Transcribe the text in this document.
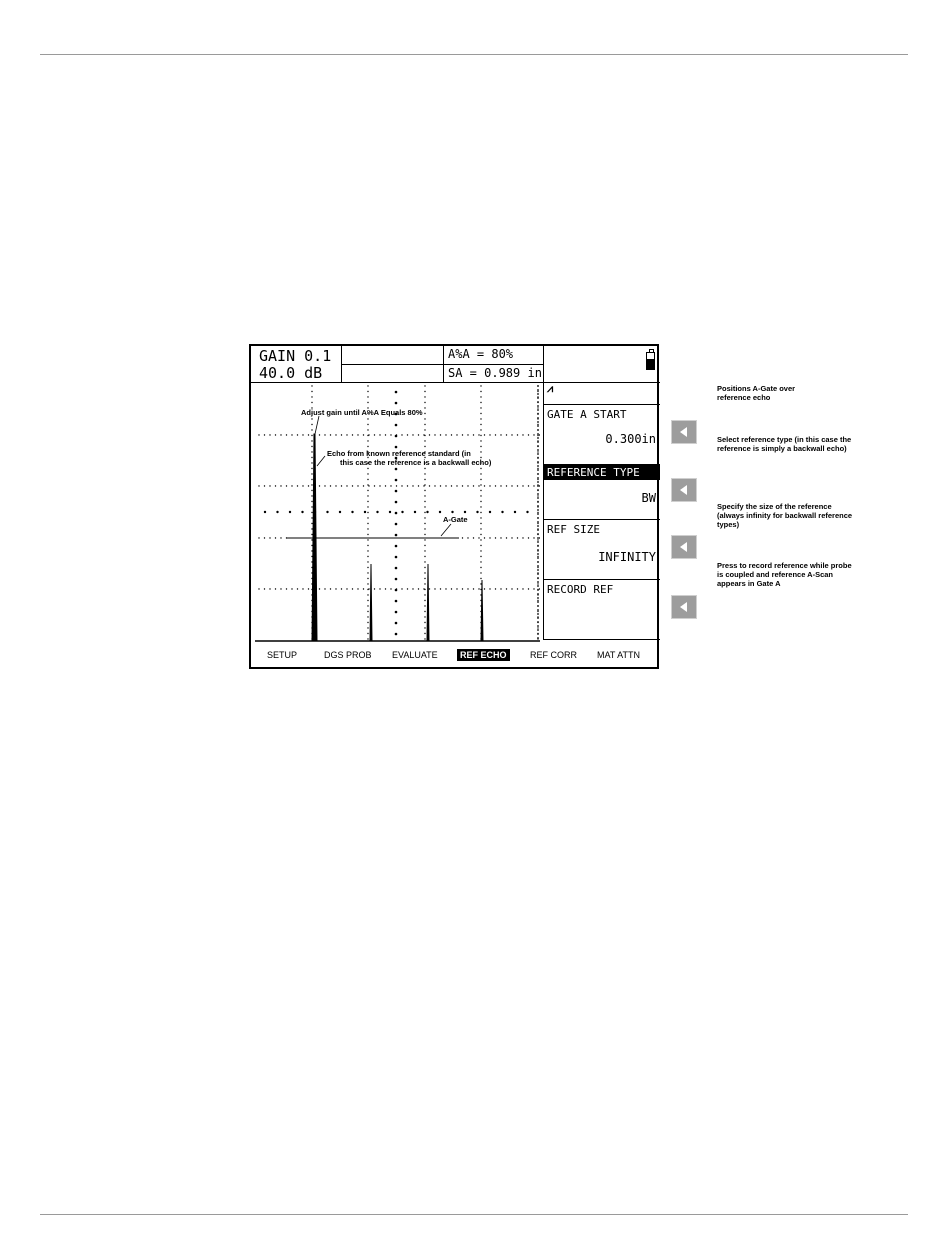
GAIN 0.1
40.0 dB
A%A = 80%
SA = 0.989 in
Adjust gain until A%A Equals 80%
Echo from known reference standard (in
this case the reference is a backwall echo)
A-Gate
⩘
GATE A START
0.300in
REFERENCE TYPE
BW
REF SIZE
INFINITY
RECORD REF
SETUP	DGS PROB	EVALUATE	REF ECHO	REF CORR	MAT ATTN
Positions A-Gate over reference echo
Select reference type (in this case the reference is simply a backwall echo)
Specify the size of the reference (always infinity for backwall reference types)
Press to record reference while probe is coupled and reference A-Scan appears in Gate A
